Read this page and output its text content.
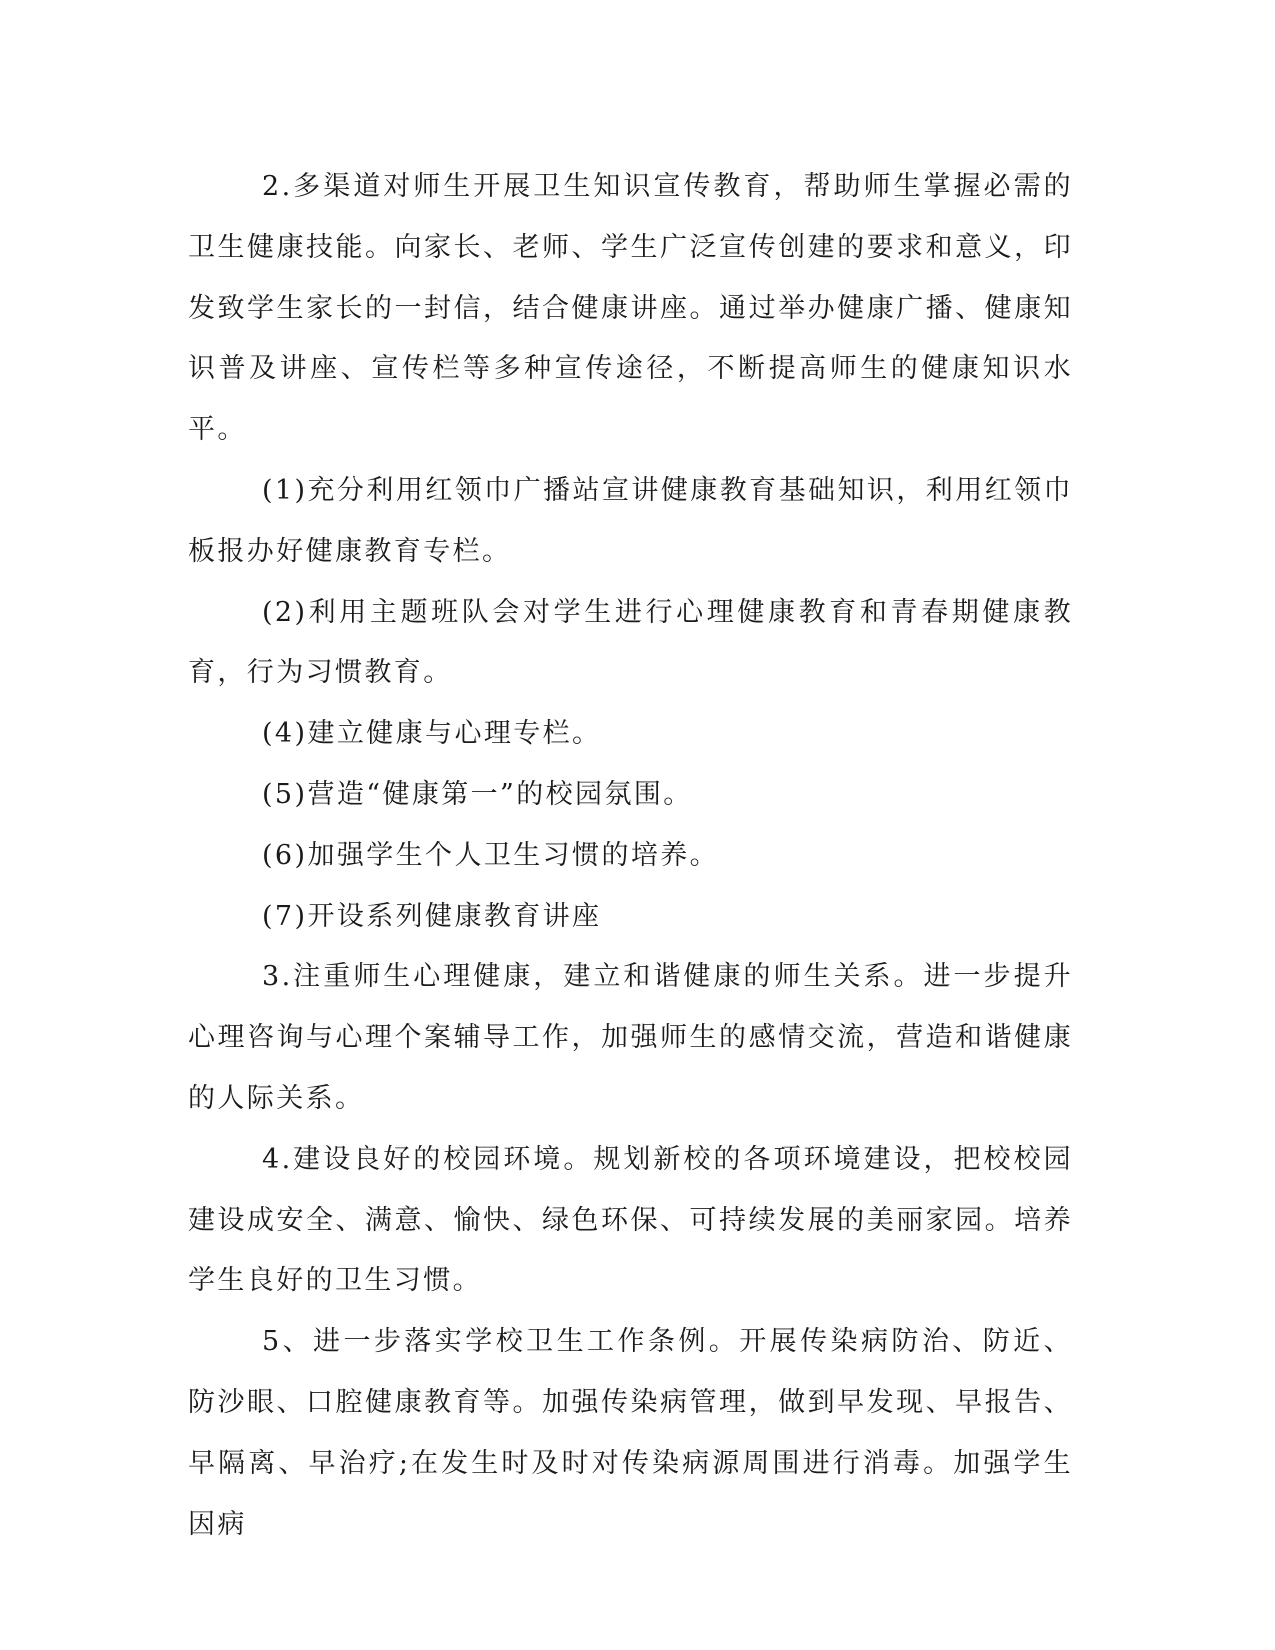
2.多渠道对师生开展卫生知识宣传教育，帮助师生掌握必需的卫生健康技能。向家长、老师、学生广泛宣传创建的要求和意义，印发致学生家长的一封信，结合健康讲座。通过举办健康广播、健康知识普及讲座、宣传栏等多种宣传途径，不断提高师生的健康知识水平。

(1)充分利用红领巾广播站宣讲健康教育基础知识，利用红领巾板报办好健康教育专栏。

(2)利用主题班队会对学生进行心理健康教育和青春期健康教育，行为习惯教育。

(4)建立健康与心理专栏。

(5)营造“健康第一”的校园氛围。

(6)加强学生个人卫生习惯的培养。

(7)开设系列健康教育讲座

3.注重师生心理健康，建立和谐健康的师生关系。进一步提升心理咨询与心理个案辅导工作，加强师生的感情交流，营造和谐健康的人际关系。

4.建设良好的校园环境。规划新校的各项环境建设，把校校园建设成安全、满意、愉快、绿色环保、可持续发展的美丽家园。培养学生良好的卫生习惯。

5、进一步落实学校卫生工作条例。开展传染病防治、防近、防沙眼、口腔健康教育等。加强传染病管理，做到早发现、早报告、早隔离、早治疗;在发生时及时对传染病源周围进行消毒。加强学生因病
